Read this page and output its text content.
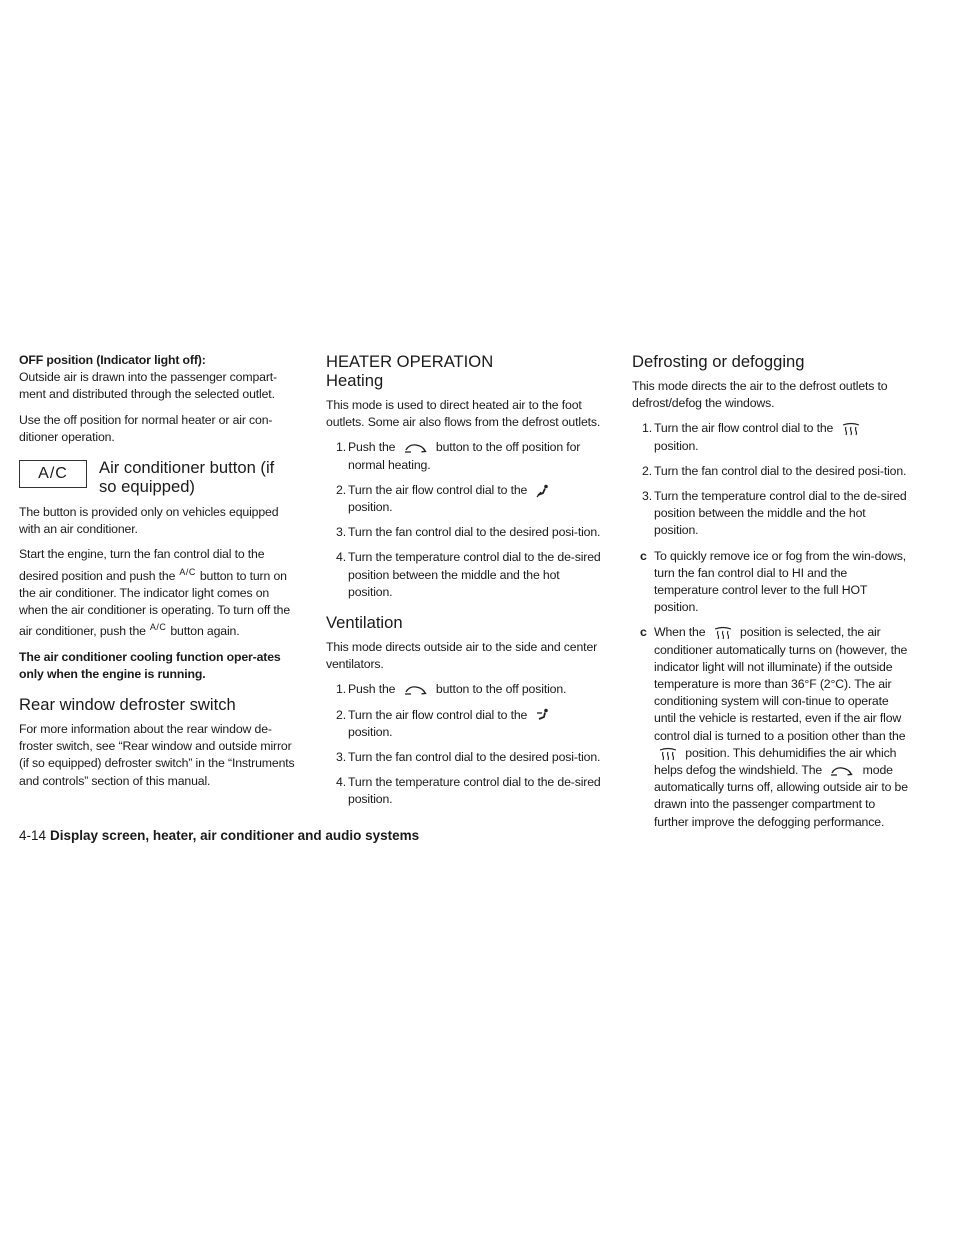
OFF position (Indicator light off):

Outside air is drawn into the passenger compart-ment and distributed through the selected outlet.

Use the off position for normal heater or air con-ditioner operation.

A/C	Air conditioner button (if so equipped)

The button is provided only on vehicles equipped with an air conditioner.

Start the engine, turn the fan control dial to the desired position and push the $^{A/C}$ button to turn on the air conditioner. The indicator light comes on when the air conditioner is operating. To turn off the air conditioner, push the $^{A/C}$ button again.

The air conditioner cooling function oper-ates only when the engine is running.

Rear window defroster switch

For more information about the rear window de-froster switch, see “Rear window and outside mirror (if so equipped) defroster switch” in the “Instruments and controls” section of this manual.

HEATER OPERATION
Heating

This mode is used to direct heated air to the foot outlets. Some air also flows from the defrost outlets.

1. Push the	button to the off position for normal heating.
2. Turn the air flow control dial to the  position.
3. Turn the fan control dial to the desired posi-tion.
4. Turn the temperature control dial to the de-sired position between the middle and the hot position.
Ventilation

This mode directs outside air to the side and center ventilators.

1. Push the	button to the off position.
2. Turn the air flow control dial to the  position.
3. Turn the fan control dial to the desired posi-tion.
4. Turn the temperature control dial to the de-sired position.
Defrosting or defogging

This mode directs the air to the defrost outlets to defrost/defog the windows.

1. Turn the air flow control dial to the  position.
2. Turn the fan control dial to the desired posi-tion.
3. Turn the temperature control dial to the de-sired position between the middle and the hot position.
c To quickly remove ice or fog from the win-dows, turn the fan control dial to HI and the temperature control lever to the full HOT position.
c When the	position is selected, the air conditioner automatically turns on (however, the indicator light will not illuminate) if the outside temperature is more than 36°F (2°C). The air conditioning system will con-tinue to operate until the vehicle is restarted, even if the air flow control dial is turned to a position other than the  position. This dehumidifies the air which helps defog the windshield. The	mode automatically turns off, allowing outside air to be drawn into the passenger compartment to further improve the defogging performance.
4-14 Display screen, heater, air conditioner and audio systems
